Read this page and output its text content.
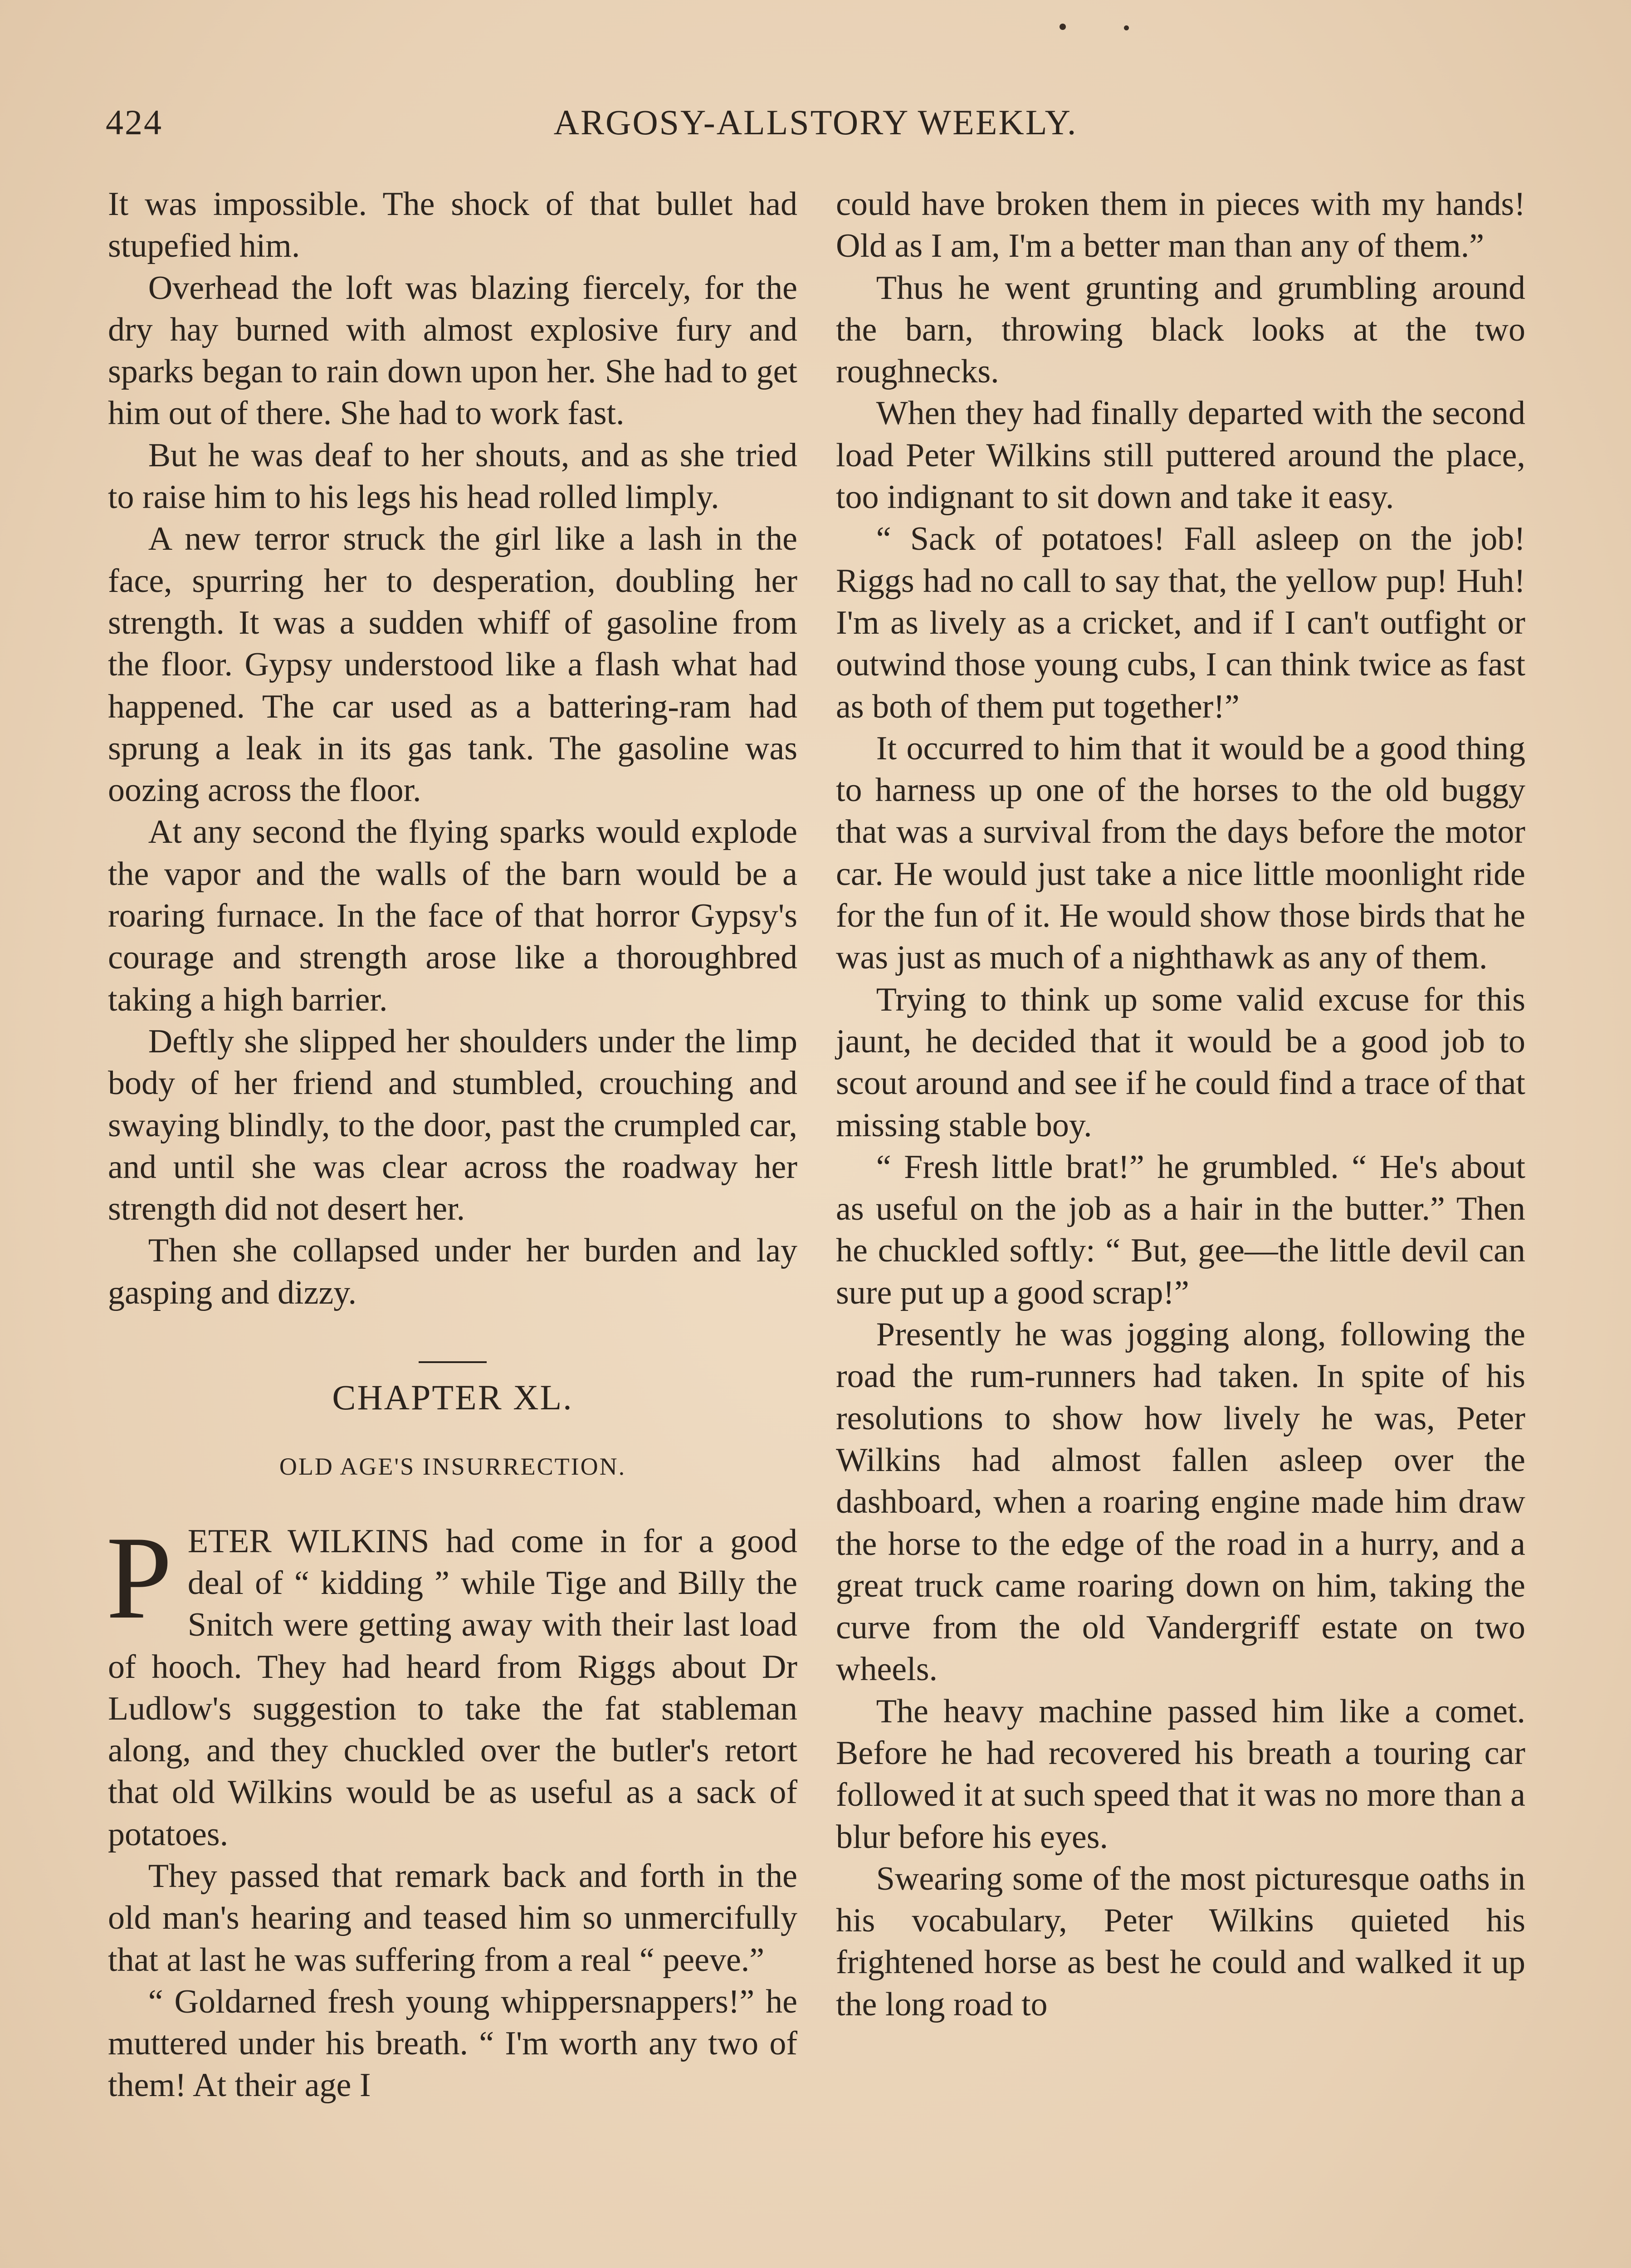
424	ARGOSY-ALLSTORY WEEKLY.

It was impossible. The shock of that bullet had stupefied him.

Overhead the loft was blazing fiercely, for the dry hay burned with almost explosive fury and sparks began to rain down upon her. She had to get him out of there. She had to work fast.

But he was deaf to her shouts, and as she tried to raise him to his legs his head rolled limply.

A new terror struck the girl like a lash in the face, spurring her to desperation, doubling her strength. It was a sudden whiff of gasoline from the floor. Gypsy understood like a flash what had happened. The car used as a battering-ram had sprung a leak in its gas tank. The gasoline was oozing across the floor.

At any second the flying sparks would explode the vapor and the walls of the barn would be a roaring furnace. In the face of that horror Gypsy's courage and strength arose like a thoroughbred taking a high barrier.

Deftly she slipped her shoulders under the limp body of her friend and stumbled, crouching and swaying blindly, to the door, past the crumpled car, and until she was clear across the roadway her strength did not desert her.

Then she collapsed under her burden and lay gasping and dizzy.

CHAPTER XL.
OLD AGE'S INSURRECTION.

PETER WILKINS had come in for a good deal of “ kidding ” while Tige and Billy the Snitch were getting away with their last load of hooch. They had heard from Riggs about Dr Ludlow's suggestion to take the fat stableman along, and they chuckled over the butler's retort that old Wilkins would be as useful as a sack of potatoes.

They passed that remark back and forth in the old man's hearing and teased him so unmercifully that at last he was suffering from a real “ peeve.”

“ Goldarned fresh young whippersnappers!” he muttered under his breath. “ I'm worth any two of them! At their age I

could have broken them in pieces with my hands! Old as I am, I'm a better man than any of them.”

Thus he went grunting and grumbling around the barn, throwing black looks at the two roughnecks.

When they had finally departed with the second load Peter Wilkins still puttered around the place, too indignant to sit down and take it easy.

“ Sack of potatoes! Fall asleep on the job! Riggs had no call to say that, the yellow pup! Huh! I'm as lively as a cricket, and if I can't outfight or outwind those young cubs, I can think twice as fast as both of them put together!”

It occurred to him that it would be a good thing to harness up one of the horses to the old buggy that was a survival from the days before the motor car. He would just take a nice little moonlight ride for the fun of it. He would show those birds that he was just as much of a nighthawk as any of them.

Trying to think up some valid excuse for this jaunt, he decided that it would be a good job to scout around and see if he could find a trace of that missing stable boy.

“ Fresh little brat!” he grumbled. “ He's about as useful on the job as a hair in the butter.” Then he chuckled softly: “ But, gee—the little devil can sure put up a good scrap!”

Presently he was jogging along, following the road the rum-runners had taken. In spite of his resolutions to show how lively he was, Peter Wilkins had almost fallen asleep over the dashboard, when a roaring engine made him draw the horse to the edge of the road in a hurry, and a great truck came roaring down on him, taking the curve from the old Vandergriff estate on two wheels.

The heavy machine passed him like a comet. Before he had recovered his breath a touring car followed it at such speed that it was no more than a blur before his eyes.

Swearing some of the most picturesque oaths in his vocabulary, Peter Wilkins quieted his frightened horse as best he could and walked it up the long road to
